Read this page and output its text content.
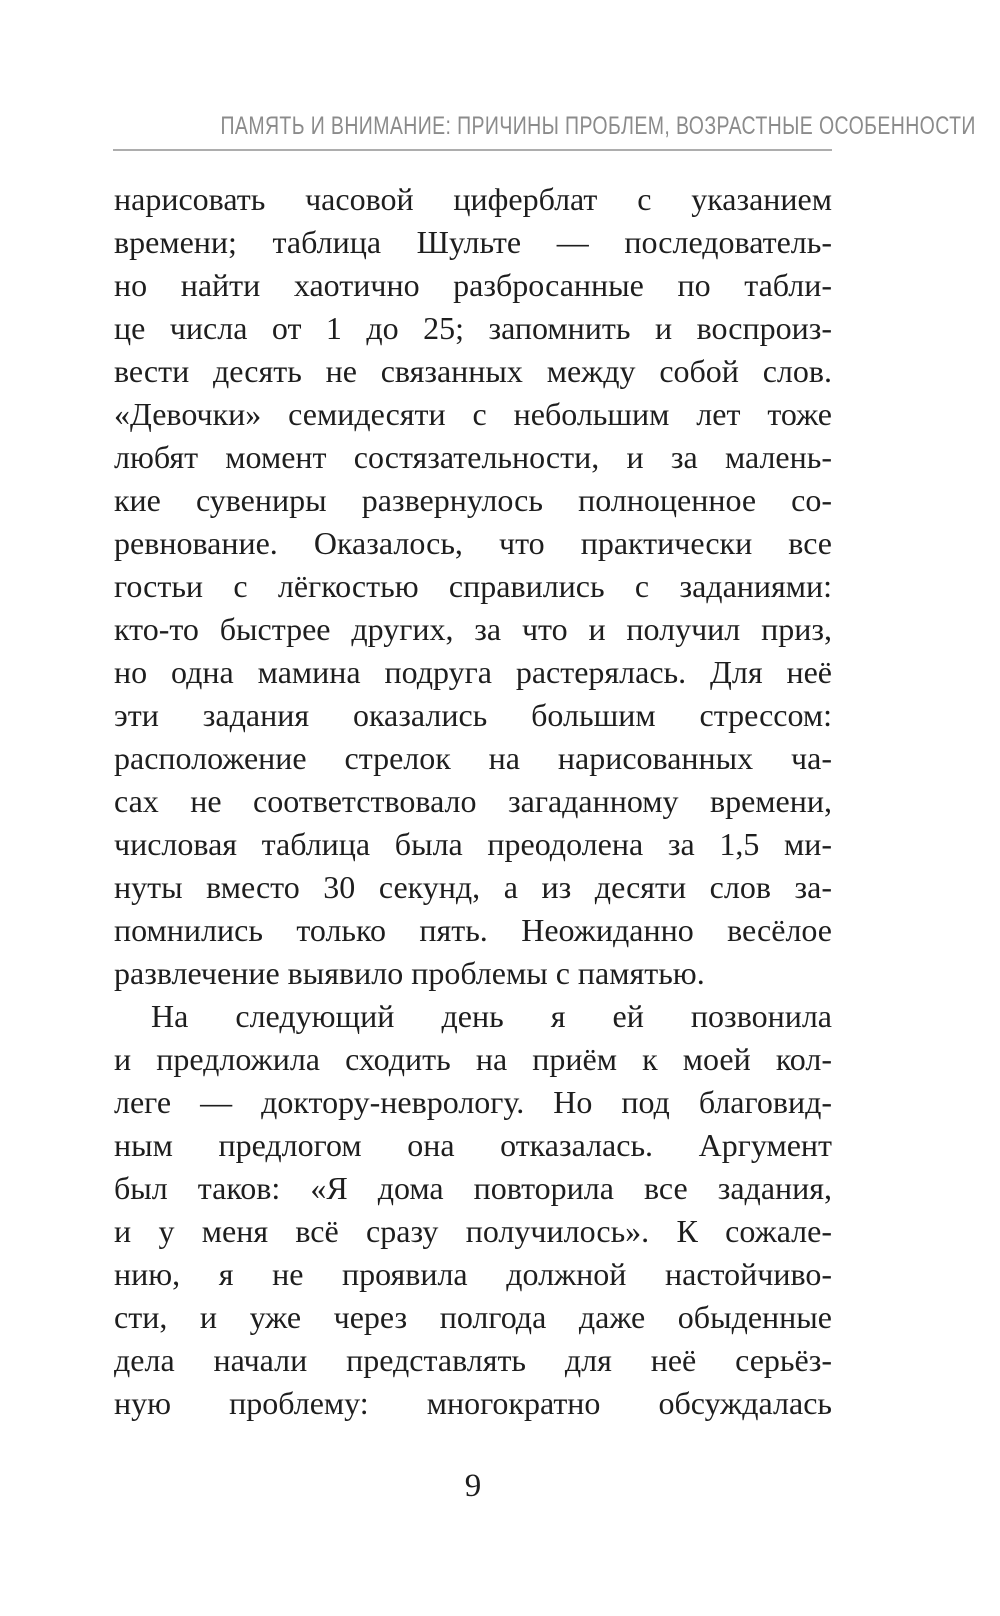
ПАМЯТЬ И ВНИМАНИЕ: ПРИЧИНЫ ПРОБЛЕМ, ВОЗРАСТНЫЕ ОСОБЕННОСТИ
нарисовать часовой циферблат с указанием
времени; таблица Шульте — последователь-
но найти хаотично разбросанные по табли-
це числа от 1 до 25; запомнить и воспроиз-
вести десять не связанных между собой слов.
«Девочки» семидесяти с небольшим лет тоже
любят момент состязательности, и за малень-
кие сувениры развернулось полноценное со-
ревнование. Оказалось, что практически все
гостьи с лёгкостью справились с заданиями:
кто-то быстрее других, за что и получил приз,
но одна мамина подруга растерялась. Для неё
эти задания оказались большим стрессом:
расположение стрелок на нарисованных ча-
сах не соответствовало загаданному времени,
числовая таблица была преодолена за 1,5 ми-
нуты вместо 30 секунд, а из десяти слов за-
помнились только пять. Неожиданно весёлое
развлечение выявило проблемы с памятью.
На следующий день я ей позвонила
и предложила сходить на приём к моей кол-
леге — доктору-неврологу. Но под благовид-
ным предлогом она отказалась. Аргумент
был таков: «Я дома повторила все задания,
и у меня всё сразу получилось». К сожале-
нию, я не проявила должной настойчиво-
сти, и уже через полгода даже обыденные
дела начали представлять для неё серьёз-
ную проблему: многократно обсуждалась
9
